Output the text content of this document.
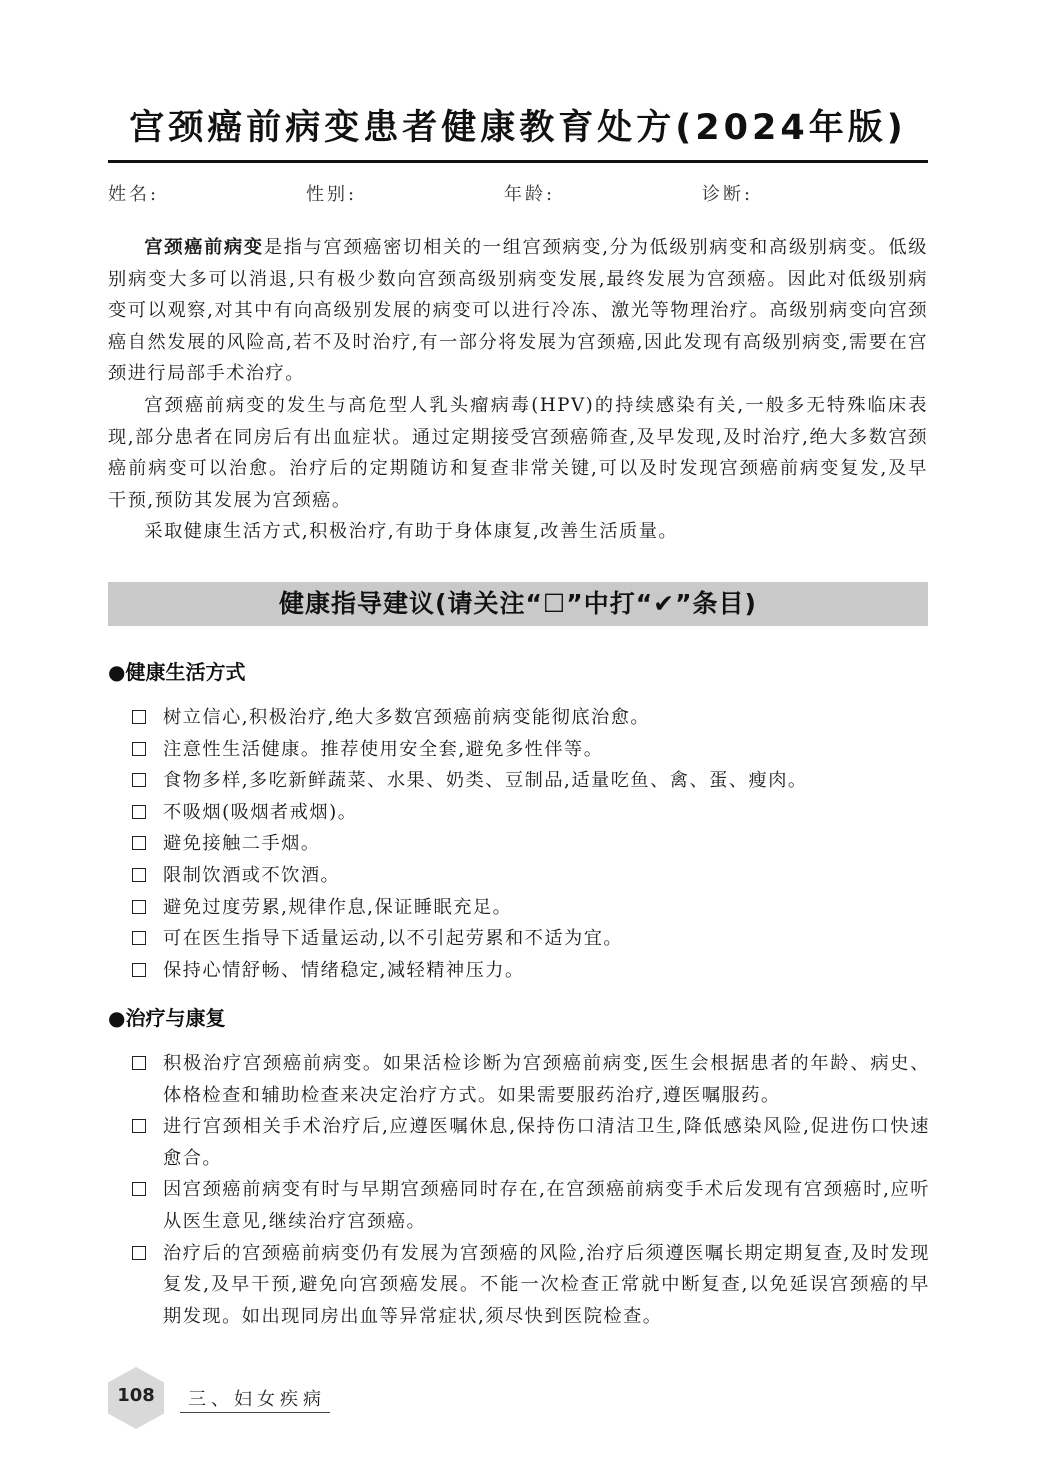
宫颈癌前病变患者健康教育处方(2024年版)
姓名:	性别:	年龄:	诊断:

宫颈癌前病变是指与宫颈癌密切相关的一组宫颈病变,分为低级别病变和高级别病变。低级别病变大多可以消退,只有极少数向宫颈高级别病变发展,最终发展为宫颈癌。因此对低级别病变可以观察,对其中有向高级别发展的病变可以进行冷冻、激光等物理治疗。高级别病变向宫颈癌自然发展的风险高,若不及时治疗,有一部分将发展为宫颈癌,因此发现有高级别病变,需要在宫颈进行局部手术治疗。

宫颈癌前病变的发生与高危型人乳头瘤病毒(HPV)的持续感染有关,一般多无特殊临床表现,部分患者在同房后有出血症状。通过定期接受宫颈癌筛查,及早发现,及时治疗,绝大多数宫颈癌前病变可以治愈。治疗后的定期随访和复查非常关键,可以及时发现宫颈癌前病变复发,及早干预,预防其发展为宫颈癌。

采取健康生活方式,积极治疗,有助于身体康复,改善生活质量。

健康指导建议(请关注“☐”中打“✔”条目)
●健康生活方式
树立信心,积极治疗,绝大多数宫颈癌前病变能彻底治愈。
注意性生活健康。推荐使用安全套,避免多性伴等。
食物多样,多吃新鲜蔬菜、水果、奶类、豆制品,适量吃鱼、禽、蛋、瘦肉。
不吸烟(吸烟者戒烟)。
避免接触二手烟。
限制饮酒或不饮酒。
避免过度劳累,规律作息,保证睡眠充足。
可在医生指导下适量运动,以不引起劳累和不适为宜。
保持心情舒畅、情绪稳定,减轻精神压力。
●治疗与康复
积极治疗宫颈癌前病变。如果活检诊断为宫颈癌前病变,医生会根据患者的年龄、病史、体格检查和辅助检查来决定治疗方式。如果需要服药治疗,遵医嘱服药。
进行宫颈相关手术治疗后,应遵医嘱休息,保持伤口清洁卫生,降低感染风险,促进伤口快速愈合。
因宫颈癌前病变有时与早期宫颈癌同时存在,在宫颈癌前病变手术后发现有宫颈癌时,应听从医生意见,继续治疗宫颈癌。
治疗后的宫颈癌前病变仍有发展为宫颈癌的风险,治疗后须遵医嘱长期定期复查,及时发现复发,及早干预,避免向宫颈癌发展。不能一次检查正常就中断复查,以免延误宫颈癌的早期发现。如出现同房出血等异常症状,须尽快到医院检查。
108	三、妇女疾病
